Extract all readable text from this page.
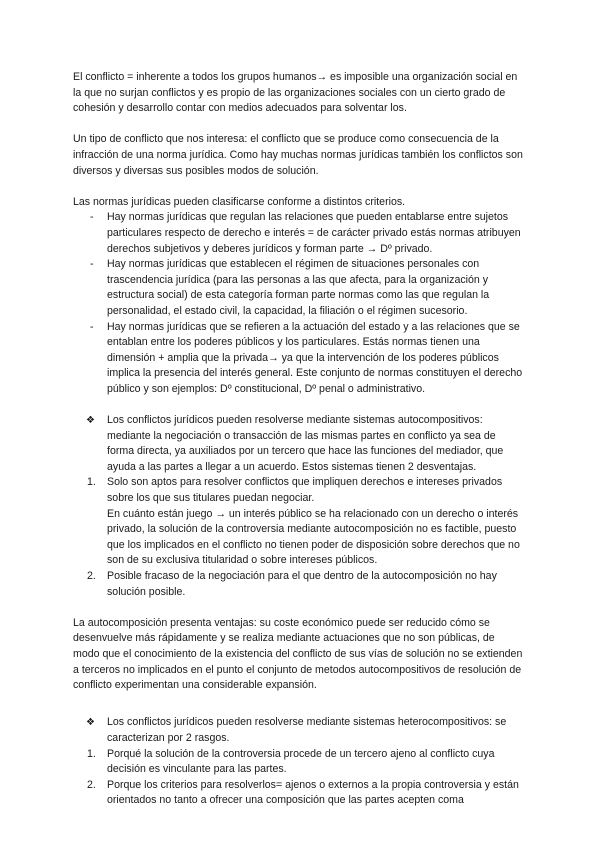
El conflicto = inherente a todos los grupos humanos→ es imposible una organización social en la que no surjan conflictos y es propio de las organizaciones sociales con un cierto grado de cohesión y desarrollo contar con medios adecuados para solventar los.

Un tipo de conflicto que nos interesa: el conflicto que se produce como consecuencia de la infracción de una norma jurídica. Como hay muchas normas jurídicas también los conflictos son diversos y diversas sus posibles modos de solución.

Las normas jurídicas pueden clasificarse conforme a distintos criterios.

- Hay normas jurídicas que regulan las relaciones que pueden entablarse entre sujetos particulares respecto de derecho e interés = de carácter privado estás normas atribuyen derechos subjetivos y deberes jurídicos y forman parte → Dº privado.
- Hay normas jurídicas que establecen el régimen de situaciones personales con trascendencia jurídica (para las personas a las que afecta, para la organización y estructura social) de esta categoría forman parte normas como las que regulan la personalidad, el estado civil, la capacidad, la filiación o el régimen sucesorio.
- Hay normas jurídicas que se refieren a la actuación del estado y a las relaciones que se entablan entre los poderes públicos y los particulares. Estás normas tienen una dimensión + amplia que la privada→ ya que la intervención de los poderes públicos implica la presencia del interés general. Este conjunto de normas constituyen el derecho público y son ejemplos: Dº constitucional, Dº penal o administrativo.
❖ Los conflictos jurídicos pueden resolverse mediante sistemas autocompositivos: mediante la negociación o transacción de las mismas partes en conflicto ya sea de forma directa, ya auxiliados por un tercero que hace las funciones del mediador, que ayuda a las partes a llegar a un acuerdo. Estos sistemas tienen 2 desventajas.
1. Solo son aptos para resolver conflictos que impliquen derechos e intereses privados sobre los que sus titulares puedan negociar.
En cuánto están juego → un interés público se ha relacionado con un derecho o interés privado, la solución de la controversia mediante autocomposición no es factible, puesto que los implicados en el conflicto no tienen poder de disposición sobre derechos que no son de su exclusiva titularidad o sobre intereses públicos.
2. Posible fracaso de la negociación para el que dentro de la autocomposición no hay solución posible.

La autocomposición presenta ventajas: su coste económico puede ser reducido cómo se desenvuelve más rápidamente y se realiza mediante actuaciones que no son públicas, de modo que el conocimiento de la existencia del conflicto de sus vías de solución no se extienden a terceros no implicados en el punto el conjunto de metodos autocompositivos de resolución de conflicto experimentan una considerable expansión.

❖ Los conflictos jurídicos pueden resolverse mediante sistemas heterocompositivos: se caracterizan por 2 rasgos.
1. Porqué la solución de la controversia procede de un tercero ajeno al conflicto cuya decisión es vinculante para las partes.
2. Porque los criterios para resolverlos= ajenos o externos a la propia controversia y están orientados no tanto a ofrecer una composición que las partes acepten coma
